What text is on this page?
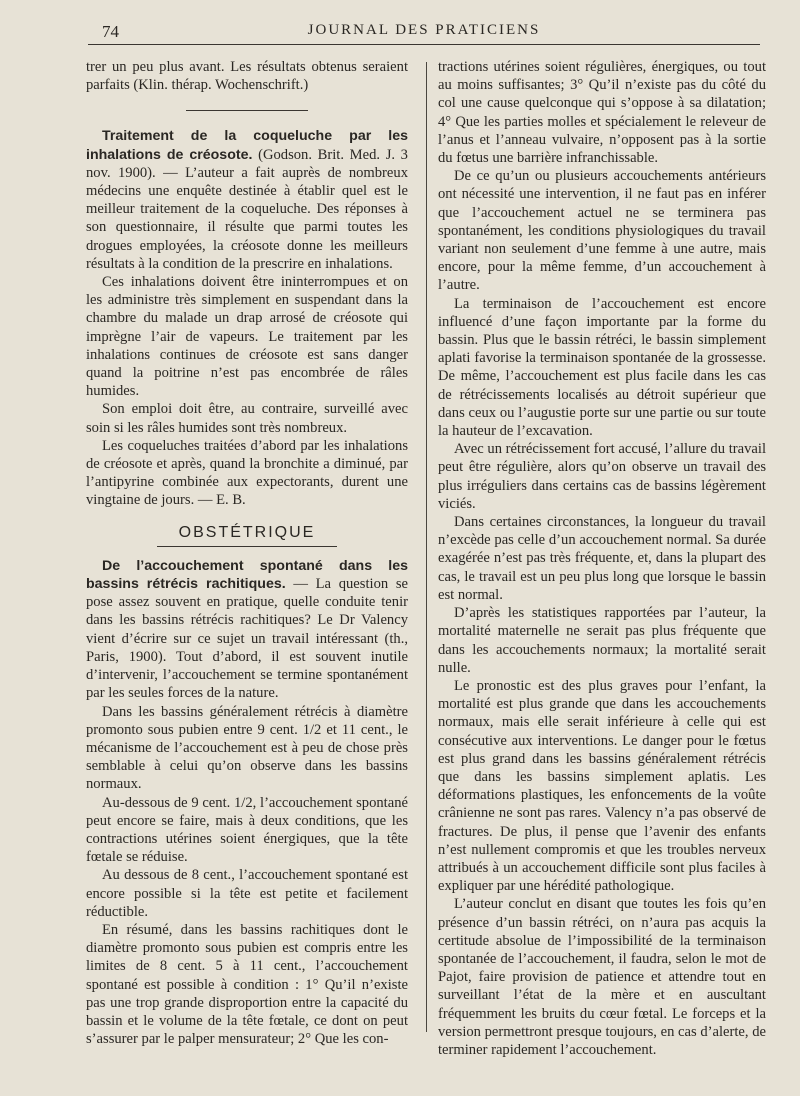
74	JOURNAL DES PRATICIENS

trer un peu plus avant. Les résultats obtenus seraient parfaits (Klin. thérap. Wochenschrift.)

Traitement de la coqueluche par les inhalations de créosote. (Godson. Brit. Med. J. 3 nov. 1900). — L’auteur a fait auprès de nombreux médecins une enquête destinée à établir quel est le meilleur traitement de la coqueluche. Des réponses à son questionnaire, il résulte que parmi toutes les drogues employées, la créosote donne les meilleurs résultats à la condition de la prescrire en inhalations.

Ces inhalations doivent être ininterrompues et on les administre très simplement en suspendant dans la chambre du malade un drap arrosé de créosote qui imprègne l’air de vapeurs. Le traitement par les inhalations continues de créosote est sans danger quand la poitrine n’est pas encombrée de râles humides.

Son emploi doit être, au contraire, surveillé avec soin si les râles humides sont très nombreux.

Les coqueluches traitées d’abord par les inhalations de créosote et après, quand la bronchite a diminué, par l’antipyrine combinée aux expectorants, durent une vingtaine de jours. — E. B.

OBSTÉTRIQUE

De l’accouchement spontané dans les bassins rétrécis rachitiques. — La question se pose assez souvent en pratique, quelle conduite tenir dans les bassins rétrécis rachitiques? Le Dr Valency vient d’écrire sur ce sujet un travail intéressant (th., Paris, 1900). Tout d’abord, il est souvent inutile d’intervenir, l’accouchement se termine spontanément par les seules forces de la nature.

Dans les bassins généralement rétrécis à diamètre promonto sous pubien entre 9 cent. 1/2 et 11 cent., le mécanisme de l’accouchement est à peu de chose près semblable à celui qu’on observe dans les bassins normaux.

Au-dessous de 9 cent. 1/2, l’accouchement spontané peut encore se faire, mais à deux conditions, que les contractions utérines soient énergiques, que la tête fœtale se réduise.

Au dessous de 8 cent., l’accouchement spontané est encore possible si la tête est petite et facilement réductible.

En résumé, dans les bassins rachitiques dont le diamètre promonto sous pubien est compris entre les limites de 8 cent. 5 à 11 cent., l’accouchement spontané est possible à condition : 1° Qu’il n’existe pas une trop grande disproportion entre la capacité du bassin et le volume de la tête fœtale, ce dont on peut s’assurer par le palper mensurateur; 2° Que les con-

tractions utérines soient régulières, énergiques, ou tout au moins suffisantes; 3° Qu’il n’existe pas du côté du col une cause quelconque qui s’oppose à sa dilatation; 4° Que les parties molles et spécialement le releveur de l’anus et l’anneau vulvaire, n’opposent pas à la sortie du fœtus une barrière infranchissable.

De ce qu’un ou plusieurs accouchements antérieurs ont nécessité une intervention, il ne faut pas en inférer que l’accouchement actuel ne se terminera pas spontanément, les conditions physiologiques du travail variant non seulement d’une femme à une autre, mais encore, pour la même femme, d’un accouchement à l’autre.

La terminaison de l’accouchement est encore influencé d’une façon importante par la forme du bassin. Plus que le bassin rétréci, le bassin simplement aplati favorise la terminaison spontanée de la grossesse. De même, l’accouchement est plus facile dans les cas de rétrécissements localisés au détroit supérieur que dans ceux ou l’augustie porte sur une partie ou sur toute la hauteur de l’excavation.

Avec un rétrécissement fort accusé, l’allure du travail peut être régulière, alors qu’on observe un travail des plus irréguliers dans certains cas de bassins légèrement viciés.

Dans certaines circonstances, la longueur du travail n’excède pas celle d’un accouchement normal. Sa durée exagérée n’est pas très fréquente, et, dans la plupart des cas, le travail est un peu plus long que lorsque le bassin est normal.

D’après les statistiques rapportées par l’auteur, la mortalité maternelle ne serait pas plus fréquente que dans les accouchements normaux; la mortalité serait nulle.

Le pronostic est des plus graves pour l’enfant, la mortalité est plus grande que dans les accouchements normaux, mais elle serait inférieure à celle qui est consécutive aux interventions. Le danger pour le fœtus est plus grand dans les bassins généralement rétrécis que dans les bassins simplement aplatis. Les déformations plastiques, les enfoncements de la voûte crânienne ne sont pas rares. Valency n’a pas observé de fractures. De plus, il pense que l’avenir des enfants n’est nullement compromis et que les troubles nerveux attribués à un accouchement difficile sont plus faciles à expliquer par une hérédité pathologique.

L’auteur conclut en disant que toutes les fois qu’en présence d’un bassin rétréci, on n’aura pas acquis la certitude absolue de l’impossibilité de la terminaison spontanée de l’accouchement, il faudra, selon le mot de Pajot, faire provision de patience et attendre tout en surveillant l’état de la mère et en auscultant fréquemment les bruits du cœur fœtal. Le forceps et la version permettront presque toujours, en cas d’alerte, de terminer rapidement l’accouchement.
